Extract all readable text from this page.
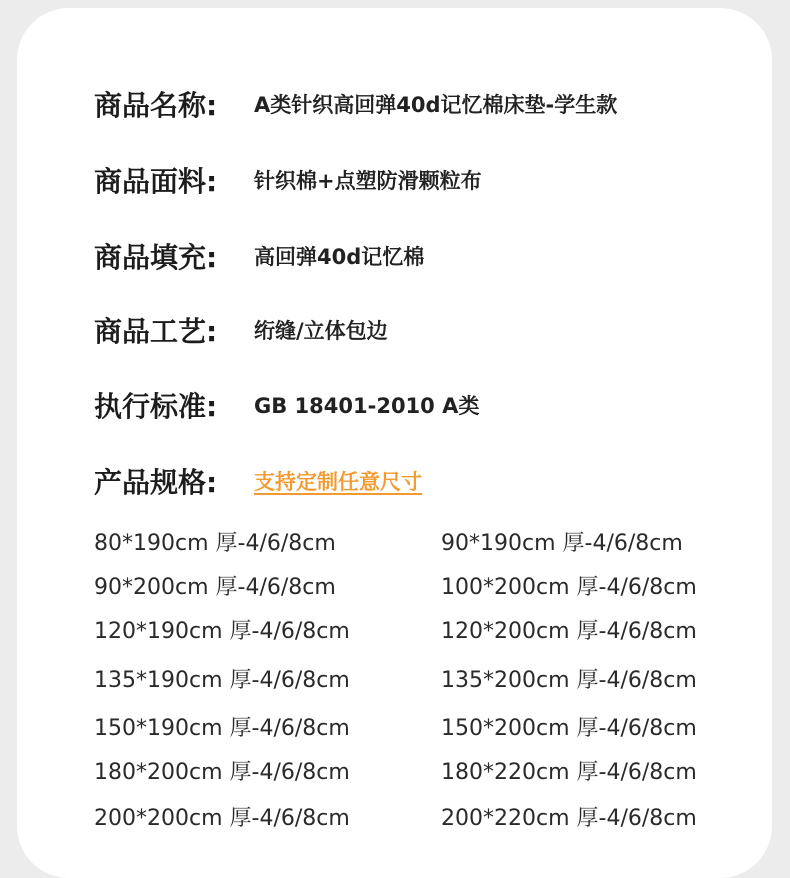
商品名称:	A类针织高回弹40d记忆棉床垫-学生款
商品面料:	针织棉+点塑防滑颗粒布
商品填充:	高回弹40d记忆棉
商品工艺:	绗缝/立体包边
执行标准:	GB 18401-2010 A类
产品规格:	支持定制任意尺寸
80*190cm 厚-4/6/8cm	90*190cm 厚-4/6/8cm
90*200cm 厚-4/6/8cm	100*200cm 厚-4/6/8cm
120*190cm 厚-4/6/8cm	120*200cm 厚-4/6/8cm
135*190cm 厚-4/6/8cm	135*200cm 厚-4/6/8cm
150*190cm 厚-4/6/8cm	150*200cm 厚-4/6/8cm
180*200cm 厚-4/6/8cm	180*220cm 厚-4/6/8cm
200*200cm 厚-4/6/8cm	200*220cm 厚-4/6/8cm
